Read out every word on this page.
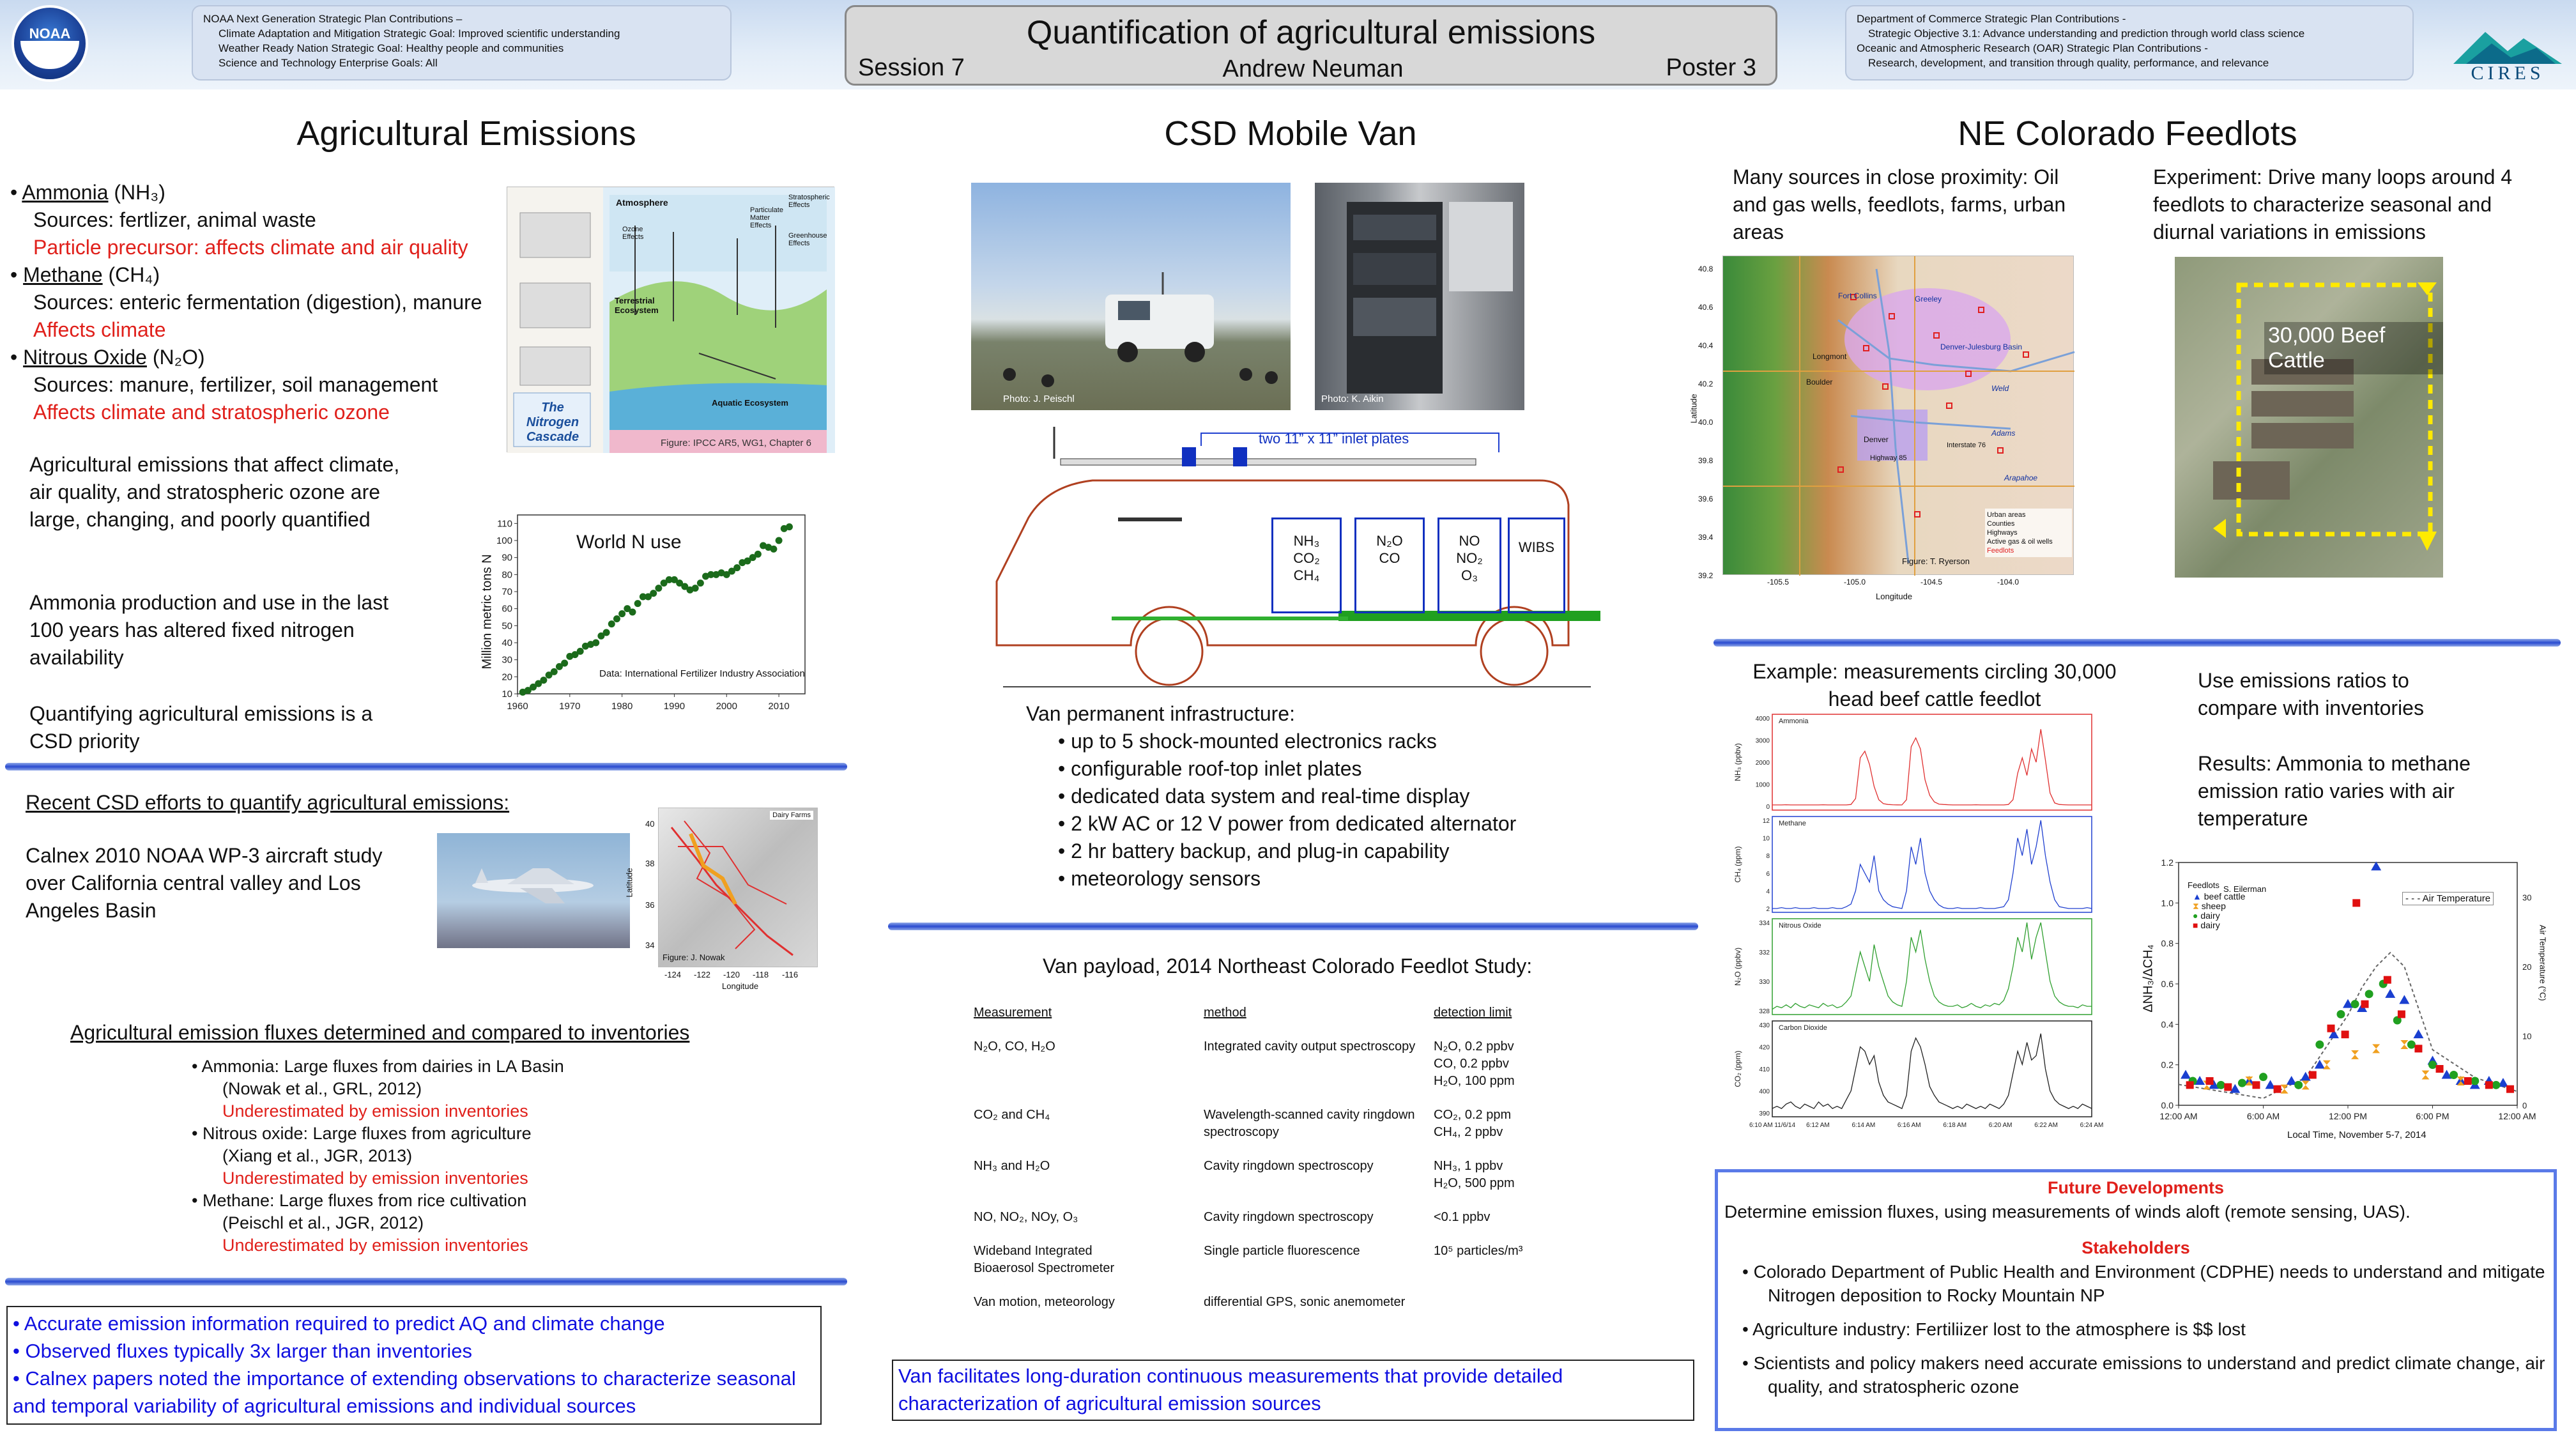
NOAA
NOAA Next Generation Strategic Plan Contributions –
Climate Adaptation and Mitigation Strategic Goal: Improved scientific understanding
Weather Ready Nation Strategic Goal: Healthy people and communities
Science and Technology Enterprise Goals: All
Quantification of agricultural emissions
Session 7	Andrew Neuman	Poster 3
Department of Commerce Strategic Plan Contributions -
Strategic Objective 3.1: Advance understanding and prediction through world class science
Oceanic and Atmospheric Research (OAR) Strategic Plan Contributions -
Research, development, and transition through quality, performance, and relevance	CIRES
Agricultural Emissions
• Ammonia (NH₃)
Sources: fertlizer, animal waste
Particle precursor: affects climate and air quality
• Methane (CH₄)
Sources: enteric fermentation (digestion), manure
Affects climate
• Nitrous Oxide (N₂O)
Sources: manure, fertilizer, soil management
Affects climate and stratospheric ozone
Agricultural emissions that affect climate, air quality, and stratospheric ozone are large, changing, and poorly quantified
Ammonia production and use in the last 100 years has altered fixed nitrogen availability
Quantifying agricultural emissions is a CSD priority
Atmosphere
Terrestrial Ecosystem
Aquatic Ecosystem
Stratospheric Effects
Ozone Effects	Greenhouse Effects
Particulate Matter Effects
The Nitrogen Cascade	Figure: IPCC AR5, WG1, Chapter 6
10
20
30
40
50
60
70
80
90
100
110
1960	1970	1980	1990	2000	2010
World N use
Data: International Fertilizer Industry Association
Million metric tons N
Recent CSD efforts to quantify agricultural emissions:
Calnex 2010 NOAA WP-3 aircraft study over California central valley and Los Angeles Basin
Dairy Farms
Figure: J. Nowak
Latitude
40
38
36
34
-124 -122 -120 -118 -116
Longitude
Agricultural emission fluxes determined and compared to inventories
• Ammonia: Large fluxes from dairies in LA Basin
(Nowak et al., GRL, 2012)
Underestimated by emission inventories
• Nitrous oxide: Large fluxes from agriculture
(Xiang et al., JGR, 2013)
Underestimated by emission inventories
• Methane: Large fluxes from rice cultivation
(Peischl et al., JGR, 2012)
Underestimated by emission inventories
• Accurate emission information required to predict AQ and climate change
• Observed fluxes typically 3x larger than inventories
• Calnex papers noted the importance of extending observations to characterize seasonal and temporal variability of agricultural emissions and individual sources
CSD Mobile Van
Photo: J. Peischl	Photo: K. Aikin
two 11” x 11” inlet plates
NH₃
CO₂
CH₄
N₂O
CO
NO
NO₂
O₃
WIBS
Van permanent infrastructure:
• up to 5 shock-mounted electronics racks
• configurable roof-top inlet plates
• dedicated data system and real-time display
• 2 kW AC or 12 V power from dedicated alternator
• 2 hr battery backup, and plug-in capability
• meteorology sensors
Van payload, 2014 Northeast Colorado Feedlot Study:
Measurement	method	detection limit
N₂O, CO, H₂O	Integrated cavity output spectroscopy	N₂O, 0.2 ppbv
CO, 0.2 ppbv
H₂O, 100 ppm
CO₂ and CH₄	Wavelength-scanned cavity ringdown spectroscopy	CO₂, 0.2 ppm
CH₄, 2 ppbv
NH₃ and H₂O	Cavity ringdown spectroscopy	NH₃, 1 ppbv
H₂O, 500 ppm
NO, NO₂, NOy, O₃	Cavity ringdown spectroscopy	<0.1 ppbv
Wideband Integrated Bioaerosol Spectrometer	Single particle fluorescence	10⁵ particles/m³
Van motion, meteorology	differential GPS, sonic anemometer	
Van facilitates long-duration continuous measurements that provide detailed characterization of agricultural emission sources
NE Colorado Feedlots
Many sources in close proximity: Oil and gas wells, feedlots, farms, urban areas
Experiment: Drive many loops around 4 feedlots to characterize seasonal and diurnal variations in emissions
Fort Collins	Greeley
Longmont
Boulder
Denver
Weld
Adams
Arapahoe
Denver-Julesburg Basin
Interstate 76
Highway 85
Urban areas
Counties
Highways
Active gas & oil wells
Feedlots
Figure: T. Ryerson
Latitude
40.8
40.6
40.4
40.2
40.0
39.8
39.6
39.4
39.2
-105.5	-105.0	-104.5	-104.0
Longitude
30,000 Beef Cattle
Example: measurements circling 30,000 head beef cattle feedlot
Use emissions ratios to compare with inventories
Results: Ammonia to methane emission ratio varies with air temperature
Ammonia
NH₃ (ppbv)
0
1000
2000
3000
4000
Methane
CH₄ (ppm)
2
4
6
8
10
12
Nitrous Oxide
N₂O (ppbv)
328
330
332
334
Carbon Dioxide
CO₂ (ppm)
390
400
410
420
430
6:10 AM 11/6/14 6:12 AM	6:14 AM	6:16 AM	6:18 AM	6:20 AM	6:22 AM	6:24 AM
0.0
0.2
0.4
0.6
0.8
1.0
1.2
0
10
20
30
12:00 AM	6:00 AM	12:00 PM	6:00 PM	12:00 AM
Feedlots S. Eilerman
▲ beef cattle
⧗ sheep
● dairy
■ dairy
- - - Air Temperature
ΔNH₃/ΔCH₄	Air Temperature (°C)
Local Time, November 5-7, 2014
Future Developments
Determine emission fluxes, using measurements of winds aloft (remote sensing, UAS).
Stakeholders
• Colorado Department of Public Health and Environment (CDPHE) needs to understand and mitigate Nitrogen deposition to Rocky Mountain NP
• Agriculture industry: Fertiliizer lost to the atmosphere is $$ lost
• Scientists and policy makers need accurate emissions to understand and predict climate change, air quality, and stratospheric ozone
